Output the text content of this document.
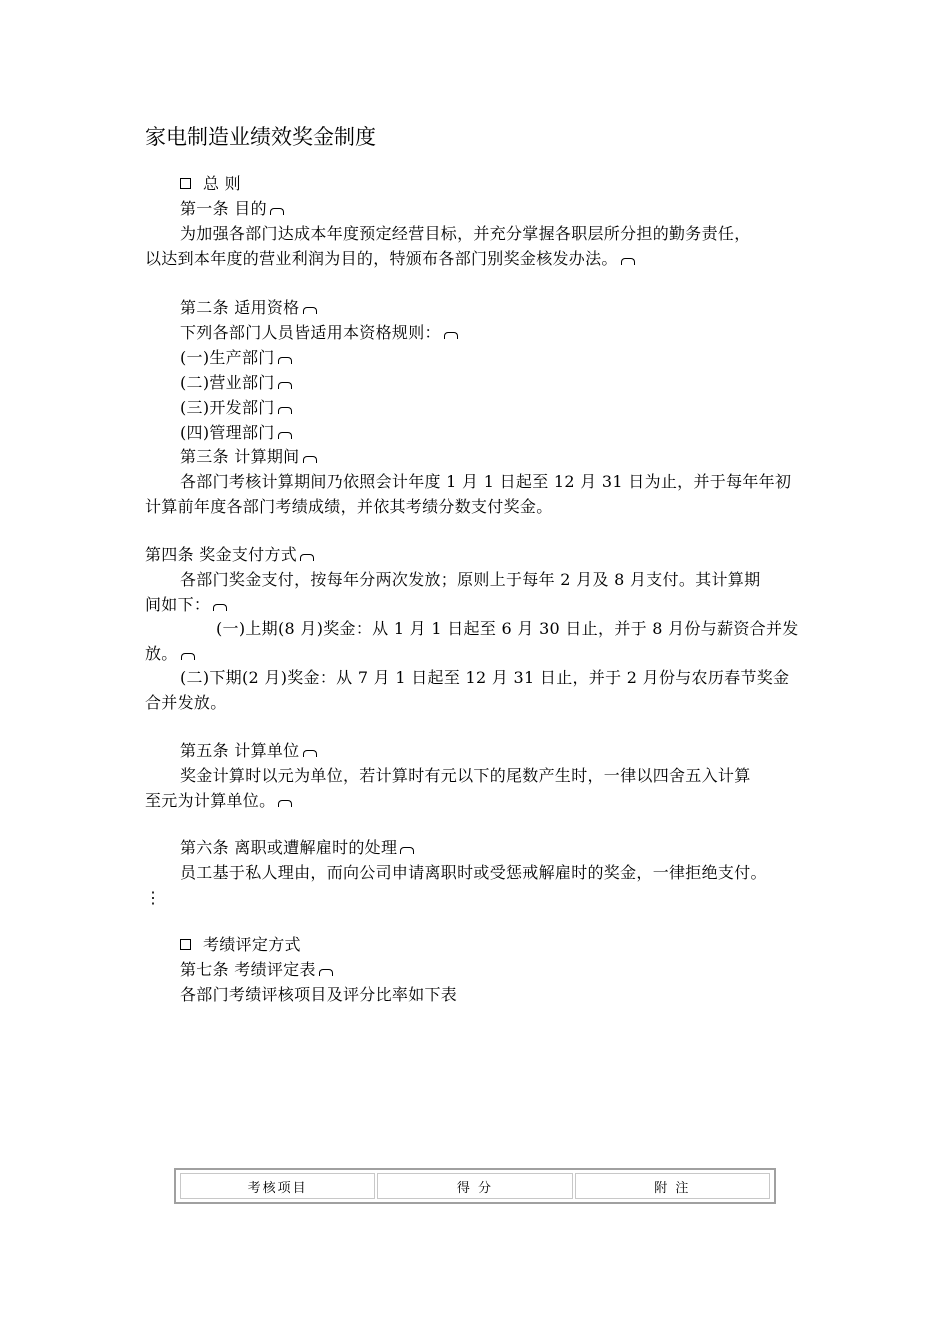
家电制造业绩效奖金制度
总 则
第一条 目的
为加强各部门达成本年度预定经营目标，并充分掌握各职层所分担的勤务责任，
以达到本年度的营业利润为目的，特颁布各部门别奖金核发办法。
第二条 适用资格
下列各部门人员皆适用本资格规则：
(一)生产部门
(二)营业部门
(三)开发部门
(四)管理部门
第三条 计算期间
各部门考核计算期间乃依照会计年度 1 月 1 日起至 12 月 31 日为止，并于每年年初
计算前年度各部门考绩成绩，并依其考绩分数支付奖金。
第四条 奖金支付方式
各部门奖金支付，按每年分两次发放；原则上于每年 2 月及 8 月支付。其计算期
间如下：
(一)上期(8 月)奖金：从 1 月 1 日起至 6 月 30 日止，并于 8 月份与薪资合并发
放。
(二)下期(2 月)奖金：从 7 月 1 日起至 12 月 31 日止，并于 2 月份与农历春节奖金
合并发放。
第五条 计算单位
奖金计算时以元为单位，若计算时有元以下的尾数产生时，一律以四舍五入计算
至元为计算单位。
第六条 离职或遭解雇时的处理
员工基于私人理由，而向公司申请离职时或受惩戒解雇时的奖金，一律拒绝支付。
⋮
考绩评定方式
第七条 考绩评定表
各部门考绩评核项目及评分比率如下表
考核项目	得 分	附 注
